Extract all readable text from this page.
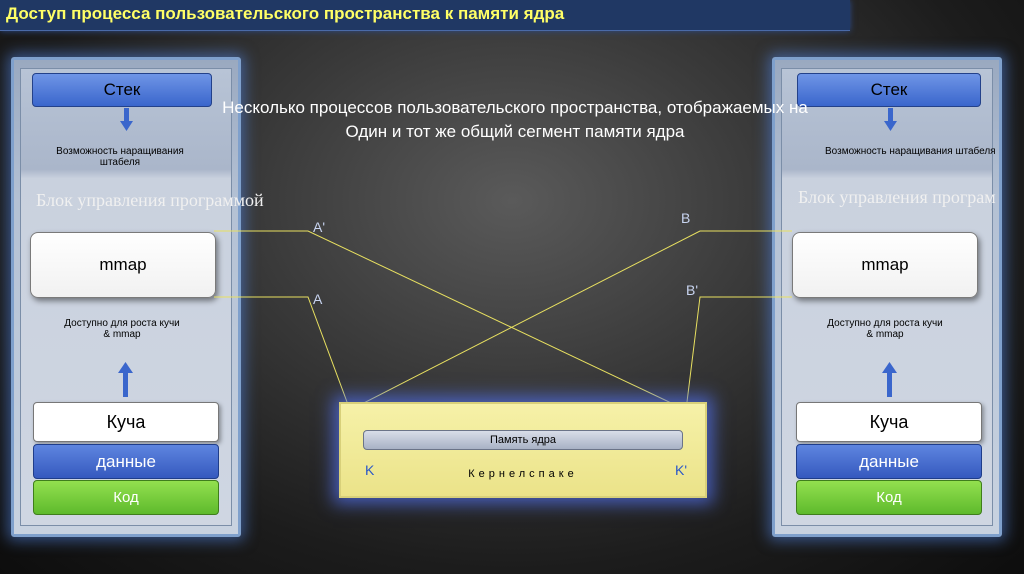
Доступ процесса пользовательского пространства к памяти ядра
Стек
Возможность наращивания штабеля
Блок управления программой
mmap
Доступно для роста кучи
& mmap
Куча
данные
Код
Стек
Возможность наращивания штабеля
Блок управления програм
mmap
Доступно для роста кучи
& mmap
Куча
данные
Код
Несколько процессов пользовательского пространства, отображаемых на
Один и тот же общий сегмент памяти ядра
A'
A
B
B'
Память ядра
K	K'
Кернелспаке
